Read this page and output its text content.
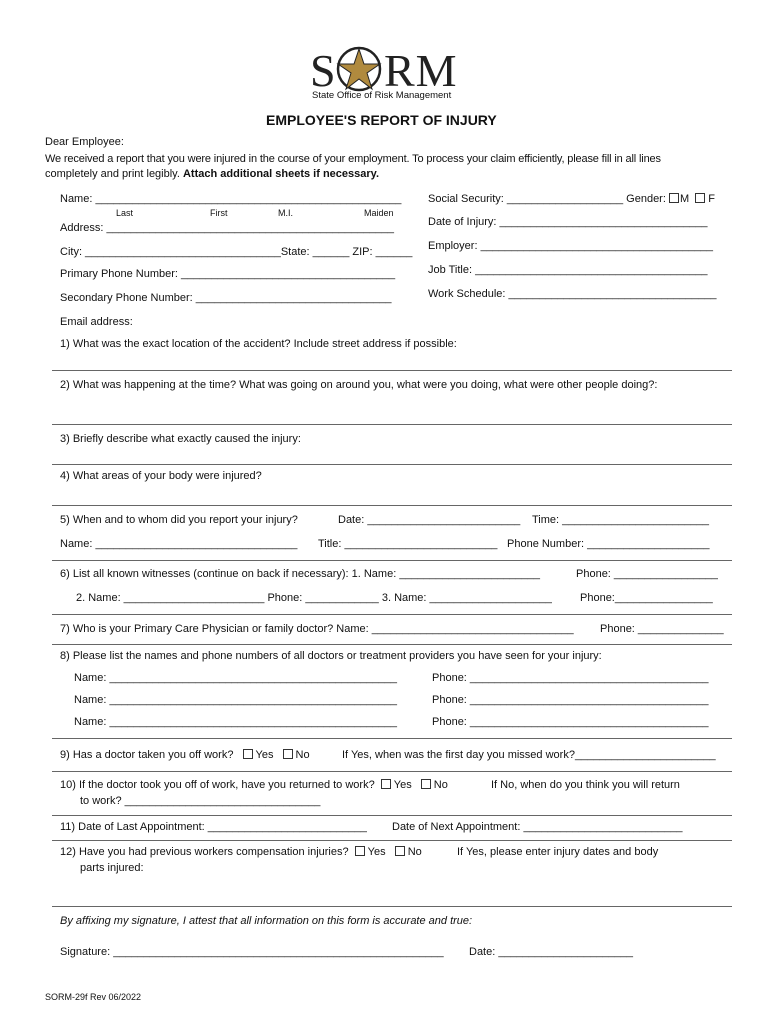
S RM
State Office of Risk Management
EMPLOYEE'S REPORT OF INJURY
Dear Employee:
We received a report that you were injured in the course of your employment. To process your claim efficiently, please fill in all lines
completely and print legibly. Attach additional sheets if necessary.
Name: __________________________________________________
Last	First	M.I.	Maiden
Address: _______________________________________________
City: ________________________________State: ______ ZIP: ______
Primary Phone Number: ___________________________________
Secondary Phone Number: ________________________________
Email address:
Social Security: ___________________ Gender: M F
Date of Injury: __________________________________
Employer: ______________________________________
Job Title: ______________________________________
Work Schedule: __________________________________
1) What was the exact location of the accident? Include street address if possible:
2) What was happening at the time? What was going on around you, what were you doing, what were other people doing?:
3) Briefly describe what exactly caused the injury:
4) What areas of your body were injured?
5) When and to whom did you report your injury?	Date: _________________________ Time: ________________________
Name: _________________________________ Title: _________________________ Phone Number: ____________________
6) List all known witnesses (continue on back if necessary): 1. Name: _______________________	Phone: _________________
2. Name: _______________________ Phone: ____________ 3. Name: ____________________	Phone:________________
7) Who is your Primary Care Physician or family doctor? Name: _________________________________ Phone: ______________
8) Please list the names and phone numbers of all doctors or treatment providers you have seen for your injury:
Name: _______________________________________________	Phone: _______________________________________
Name: _______________________________________________	Phone: _______________________________________
Name: _______________________________________________	Phone: _______________________________________
9) Has a doctor taken you off work? Yes No	If Yes, when was the first day you missed work?_______________________
10) If the doctor took you off of work, have you returned to work? Yes No	If No, when do you think you will return
to work? ________________________________
11) Date of Last Appointment: __________________________ Date of Next Appointment: __________________________
12) Have you had previous workers compensation injuries? Yes No	If Yes, please enter injury dates and body
parts injured:
By affixing my signature, I attest that all information on this form is accurate and true:
Signature: ______________________________________________________ Date: ______________________
SORM-29f Rev 06/2022
